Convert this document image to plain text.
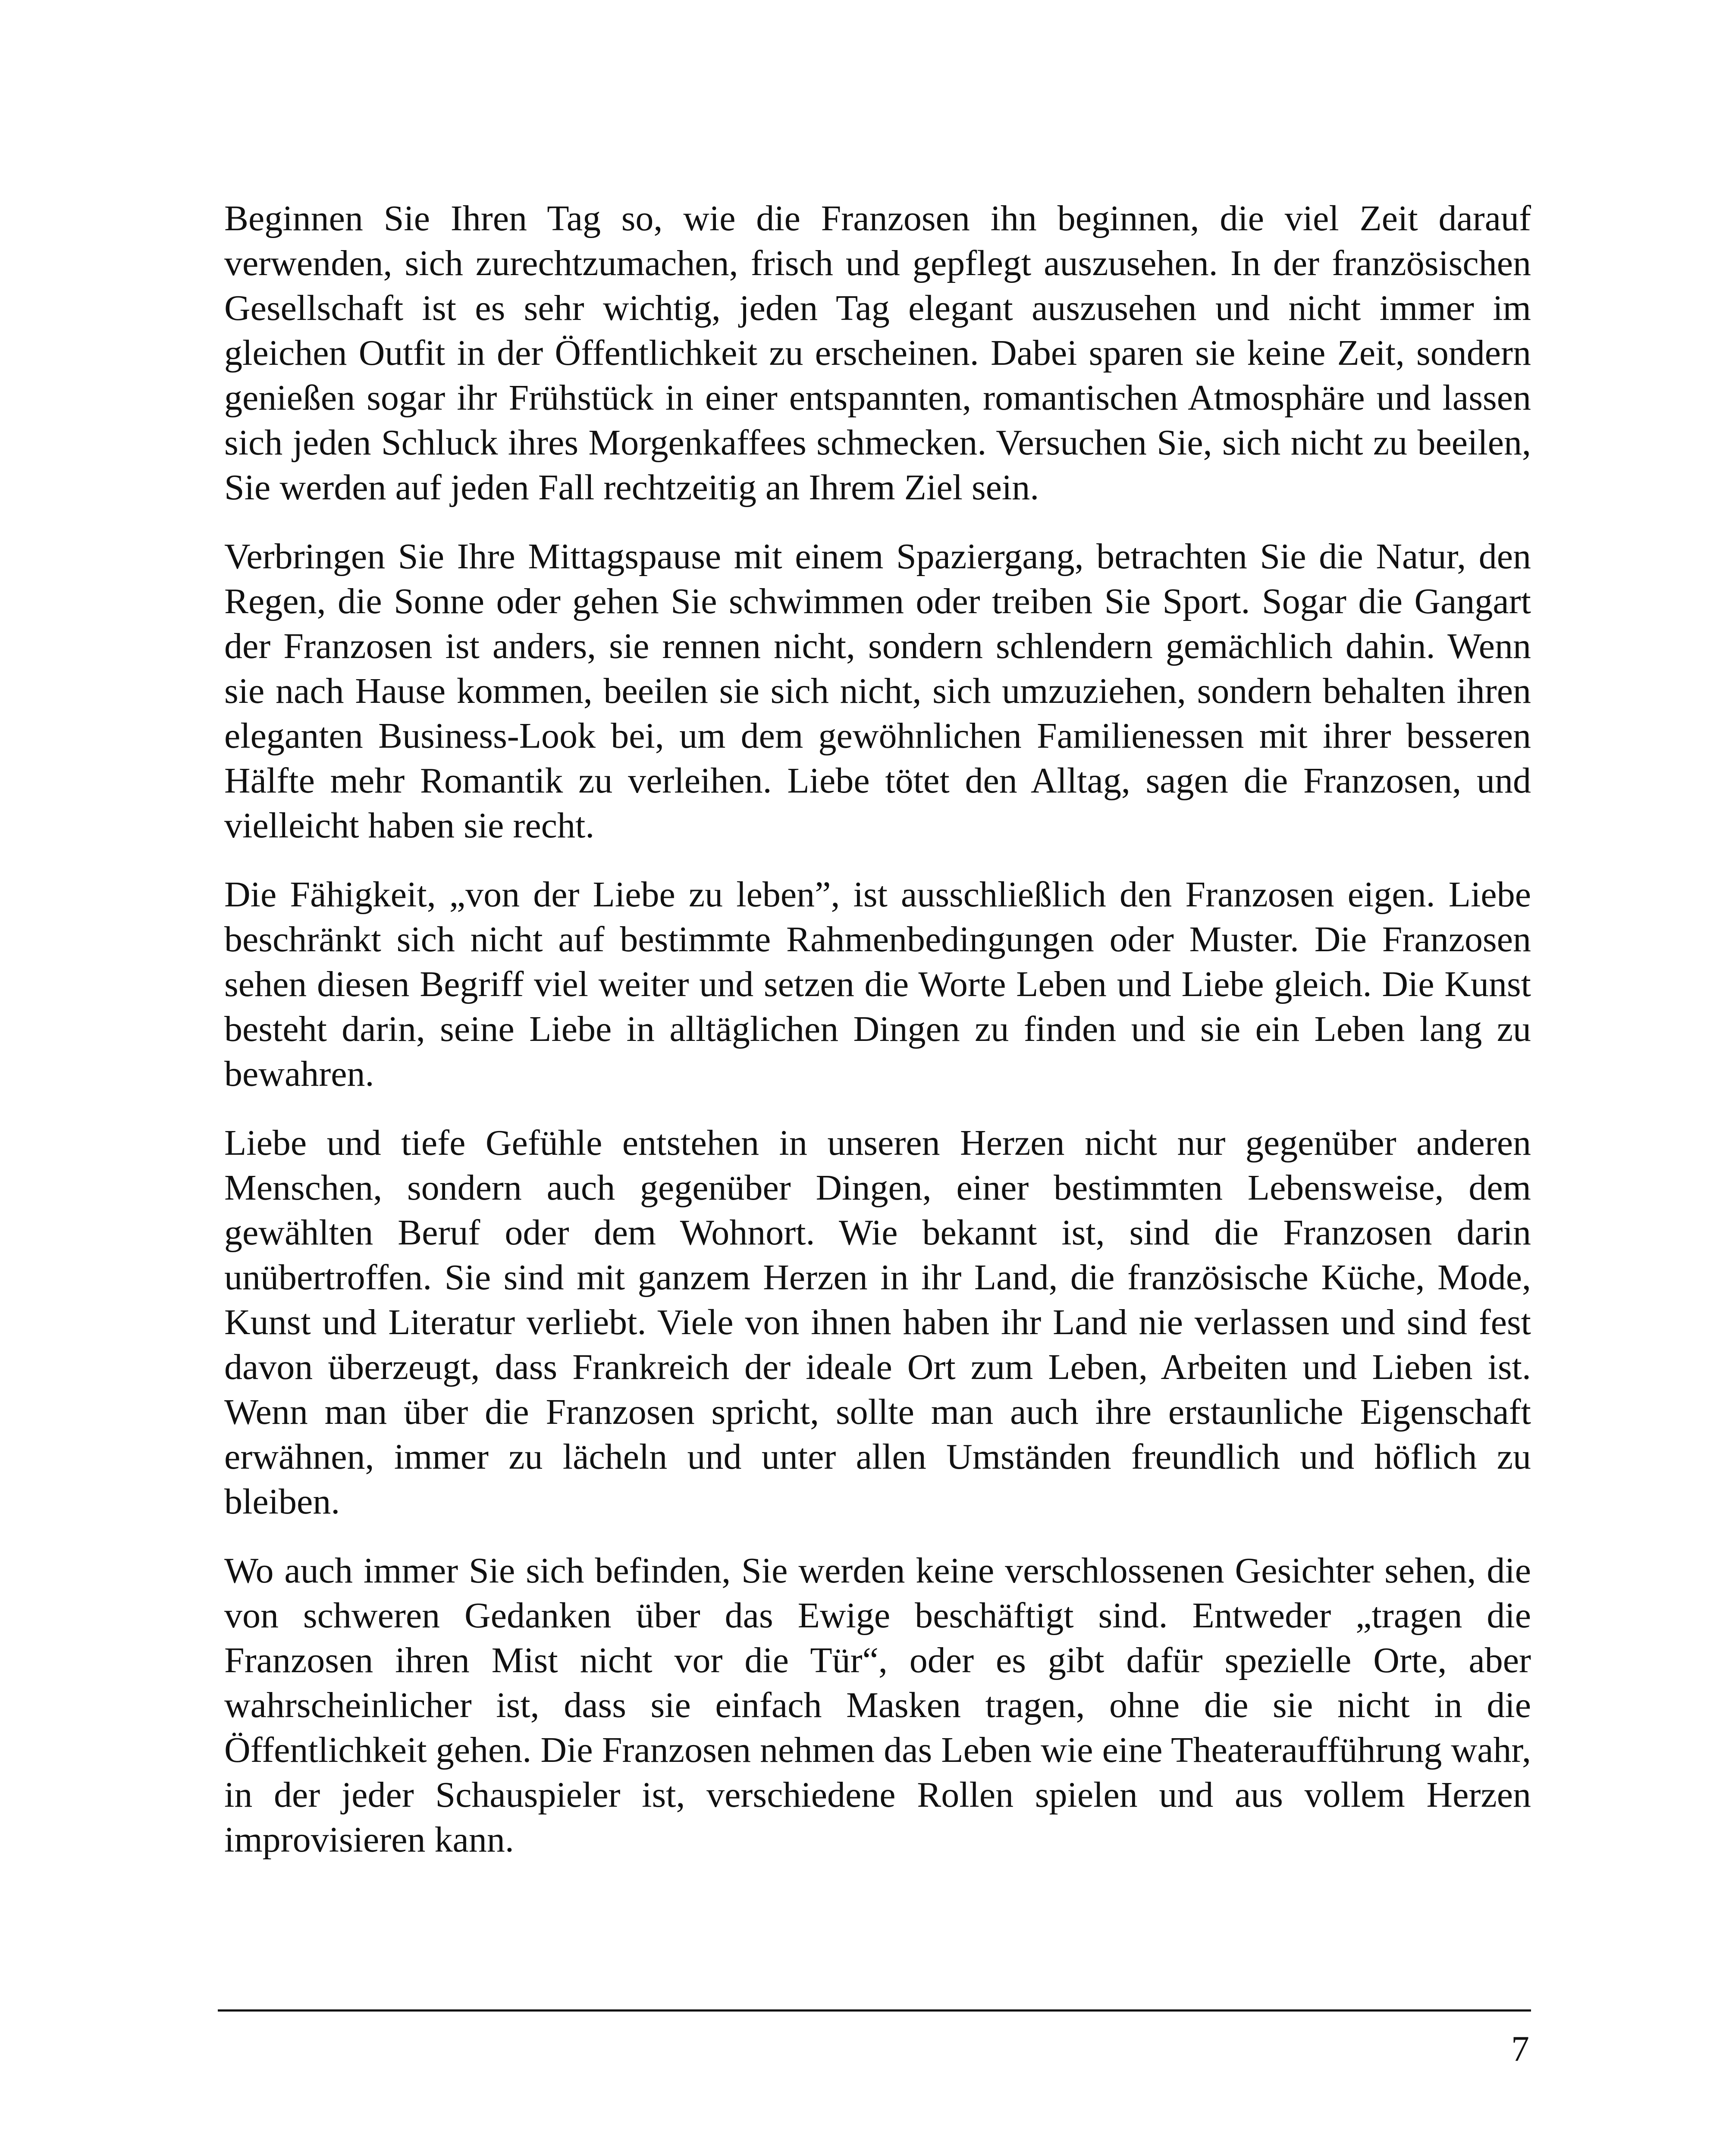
Beginnen Sie Ihren Tag so, wie die Franzosen ihn beginnen, die viel Zeit darauf verwenden, sich zurechtzumachen, frisch und gepflegt auszusehen. In der französischen Gesellschaft ist es sehr wichtig, jeden Tag elegant auszusehen und nicht immer im gleichen Outfit in der Öffentlichkeit zu erscheinen. Dabei sparen sie keine Zeit, sondern genießen sogar ihr Frühstück in einer entspannten, romantischen Atmosphäre und lassen sich jeden Schluck ihres Morgenkaffees schmecken. Versuchen Sie, sich nicht zu beeilen, Sie werden auf jeden Fall rechtzeitig an Ihrem Ziel sein.

Verbringen Sie Ihre Mittagspause mit einem Spaziergang, betrachten Sie die Natur, den Regen, die Sonne oder gehen Sie schwimmen oder treiben Sie Sport. Sogar die Gangart der Franzosen ist anders, sie rennen nicht, sondern schlendern gemächlich dahin. Wenn sie nach Hause kommen, beeilen sie sich nicht, sich umzuziehen, sondern behalten ihren eleganten Business-Look bei, um dem gewöhnlichen Familienessen mit ihrer besseren Hälfte mehr Romantik zu verleihen. Liebe tötet den Alltag, sagen die Franzosen, und vielleicht haben sie recht.

Die Fähigkeit, „von der Liebe zu leben”, ist ausschließlich den Franzosen eigen. Liebe beschränkt sich nicht auf bestimmte Rahmenbedingungen oder Muster. Die Franzosen sehen diesen Begriff viel weiter und setzen die Worte Leben und Liebe gleich. Die Kunst besteht darin, seine Liebe in alltäglichen Dingen zu finden und sie ein Leben lang zu bewahren.

Liebe und tiefe Gefühle entstehen in unseren Herzen nicht nur gegenüber anderen Menschen, sondern auch gegenüber Dingen, einer bestimmten Lebensweise, dem gewählten Beruf oder dem Wohnort. Wie bekannt ist, sind die Franzosen darin unübertroffen. Sie sind mit ganzem Herzen in ihr Land, die französische Küche, Mode, Kunst und Literatur verliebt. Viele von ihnen haben ihr Land nie verlassen und sind fest davon überzeugt, dass Frankreich der ideale Ort zum Leben, Arbeiten und Lieben ist. Wenn man über die Franzosen spricht, sollte man auch ihre erstaunliche Eigenschaft erwähnen, immer zu lächeln und unter allen Umständen freundlich und höflich zu bleiben.

Wo auch immer Sie sich befinden, Sie werden keine verschlossenen Gesichter sehen, die von schweren Gedanken über das Ewige beschäftigt sind. Entweder „tragen die Franzosen ihren Mist nicht vor die Tür“, oder es gibt dafür spezielle Orte, aber wahrscheinlicher ist, dass sie einfach Masken tragen, ohne die sie nicht in die Öffentlichkeit gehen. Die Franzosen nehmen das Leben wie eine Theateraufführung wahr, in der jeder Schauspieler ist, verschiedene Rollen spielen und aus vollem Herzen improvisieren kann.

7
